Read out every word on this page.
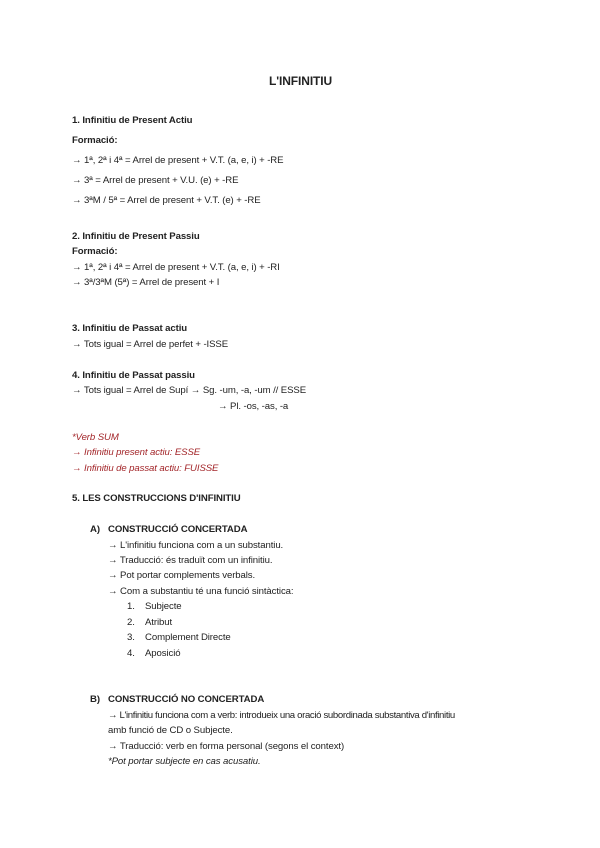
L'INFINITIU
1. Infinitiu de Present Actiu
Formació:
→ 1ª, 2ª i 4ª = Arrel de present + V.T. (a, e, i) + -RE
→ 3ª = Arrel de present + V.U. (e) + -RE
→ 3ªM / 5ª = Arrel de present + V.T. (e) + -RE
2. Infinitiu de Present Passiu
Formació:
→ 1ª, 2ª i 4ª = Arrel de present + V.T. (a, e, i) + -RI
→ 3ª/3ªM (5ª) = Arrel de present + I
3. Infinitiu de Passat actiu
→ Tots igual = Arrel de perfet + -ISSE
4. Infinitiu de Passat passiu
→ Tots igual = Arrel de Supí → Sg. -um, -a, -um // ESSE
→ Pl. -os, -as, -a
*Verb SUM
→ Infinitiu present actiu: ESSE
→ Infinitiu de passat actiu: FUISSE
5. LES CONSTRUCCIONS D'INFINITIU
A) CONSTRUCCIÓ CONCERTADA
→ L'infinitiu funciona com a un substantiu.
→ Traducció: és traduït com un infinitiu.
→ Pot portar complements verbals.
→ Com a substantiu té una funció sintàctica:
1. Subjecte
2. Atribut
3. Complement Directe
4. Aposició
B) CONSTRUCCIÓ NO CONCERTADA
→ L'infinitiu funciona com a verb: introdueix una oració subordinada substantiva d'infinitiu
amb funció de CD o Subjecte.
→ Traducció: verb en forma personal (segons el context)
*Pot portar subjecte en cas acusatiu.
